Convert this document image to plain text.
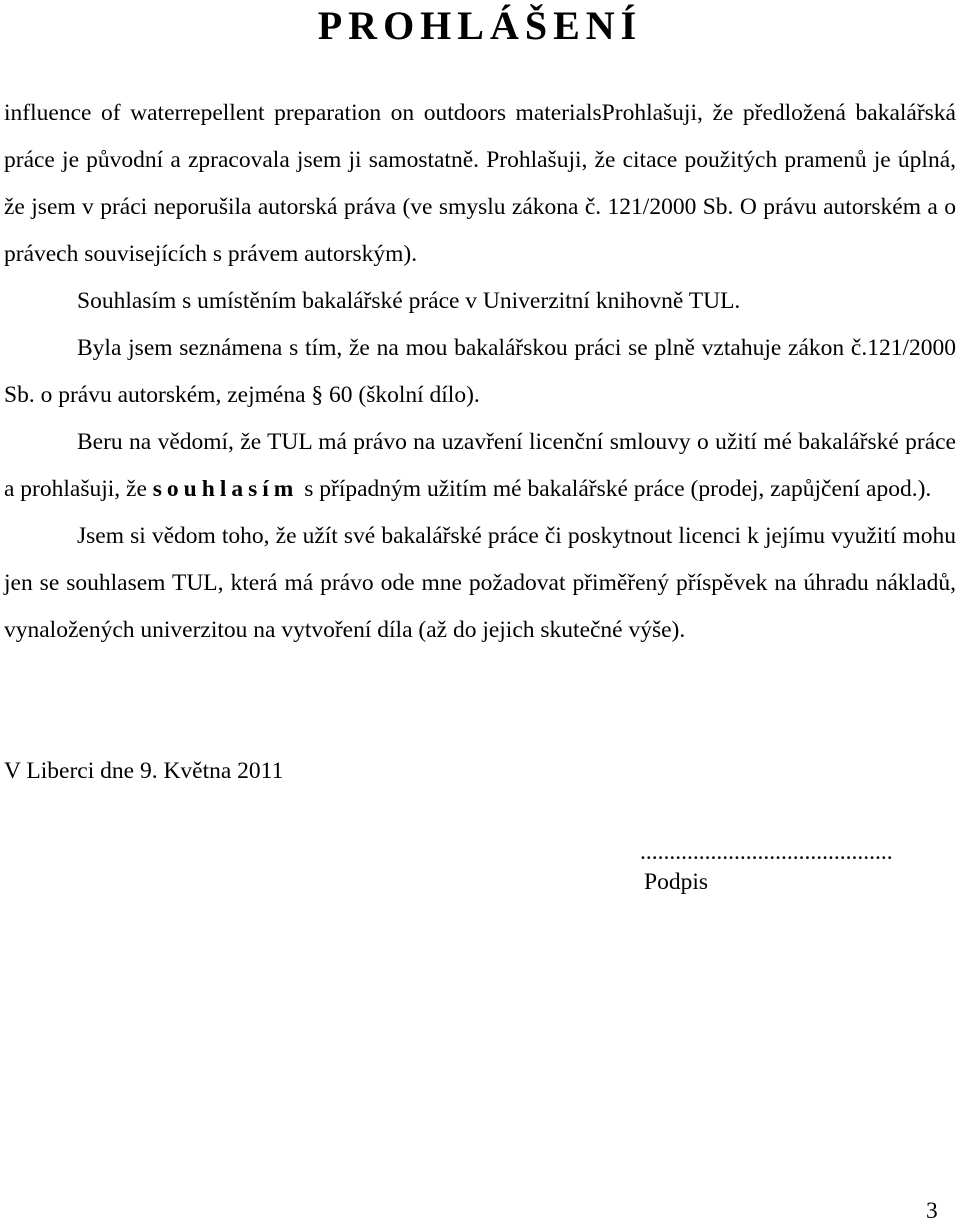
PROHLÁŠENÍ

influence of waterrepellent preparation on outdoors materialsProhlašuji, že předložená bakalářská práce je původní a zpracovala jsem ji samostatně. Prohlašuji, že citace použitých pramenů je úplná, že jsem v práci neporušila autorská práva (ve smyslu zákona č. 121/2000 Sb. O právu autorském a o právech souvisejících s právem autorským).

Souhlasím s umístěním bakalářské práce v Univerzitní knihovně TUL.

Byla jsem seznámena s tím, že na mou bakalářskou práci se plně vztahuje zákon č.121/2000 Sb. o právu autorském, zejména § 60 (školní dílo).

Beru na vědomí, že TUL má právo na uzavření licenční smlouvy o užití mé bakalářské práce a prohlašuji, že souhlasím s případným užitím mé bakalářské práce (prodej, zapůjčení apod.).

Jsem si vědom toho, že užít své bakalářské práce či poskytnout licenci k jejímu využití mohu jen se souhlasem TUL, která má právo ode mne požadovat přiměřený příspěvek na úhradu nákladů, vynaložených univerzitou na vytvoření díla (až do jejich skutečné výše).

V Liberci dne 9. Května 2011

...........................................
Podpis
3
